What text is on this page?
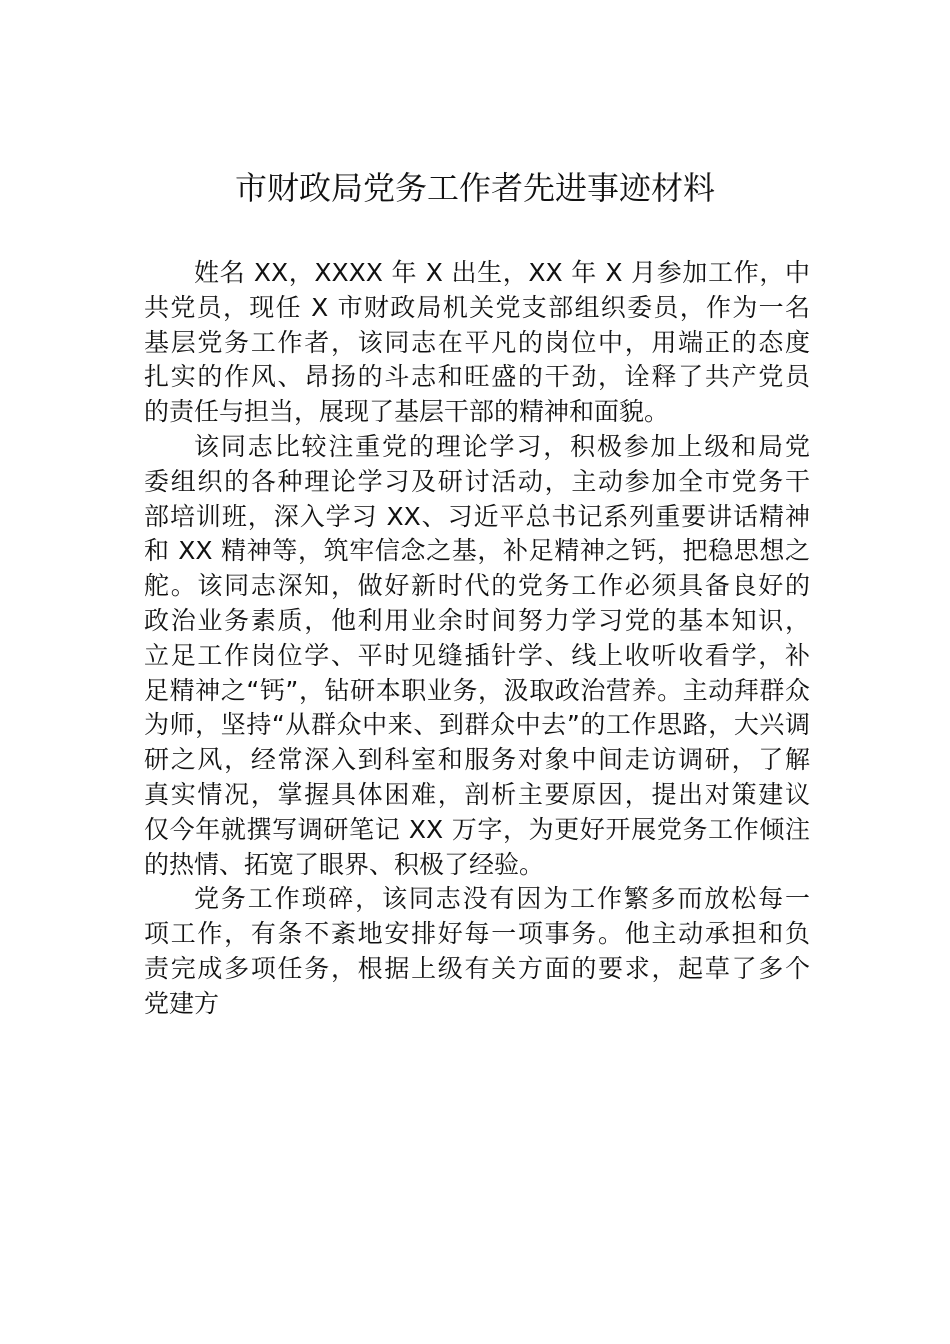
市财政局党务工作者先进事迹材料
姓名 XX，XXXX 年 X 出生，XX 年 X 月参加工作，中
共党员，现任 X 市财政局机关党支部组织委员，作为一名
基层党务工作者，该同志在平凡的岗位中，用端正的态度
扎实的作风、昂扬的斗志和旺盛的干劲，诠释了共产党员
的责任与担当，展现了基层干部的精神和面貌。
该同志比较注重党的理论学习，积极参加上级和局党
委组织的各种理论学习及研讨活动，主动参加全市党务干
部培训班，深入学习 XX、习近平总书记系列重要讲话精神
和 XX 精神等，筑牢信念之基，补足精神之钙，把稳思想之
舵。该同志深知，做好新时代的党务工作必须具备良好的
政治业务素质，他利用业余时间努力学习党的基本知识，
立足工作岗位学、平时见缝插针学、线上收听收看学，补
足精神之“钙”，钻研本职业务，汲取政治营养。主动拜群众
为师，坚持“从群众中来、到群众中去”的工作思路，大兴调
研之风，经常深入到科室和服务对象中间走访调研，了解
真实情况，掌握具体困难，剖析主要原因，提出对策建议
仅今年就撰写调研笔记 XX 万字，为更好开展党务工作倾注
的热情、拓宽了眼界、积极了经验。
党务工作琐碎，该同志没有因为工作繁多而放松每一
项工作，有条不紊地安排好每一项事务。他主动承担和负
责完成多项任务，根据上级有关方面的要求，起草了多个
党建方
